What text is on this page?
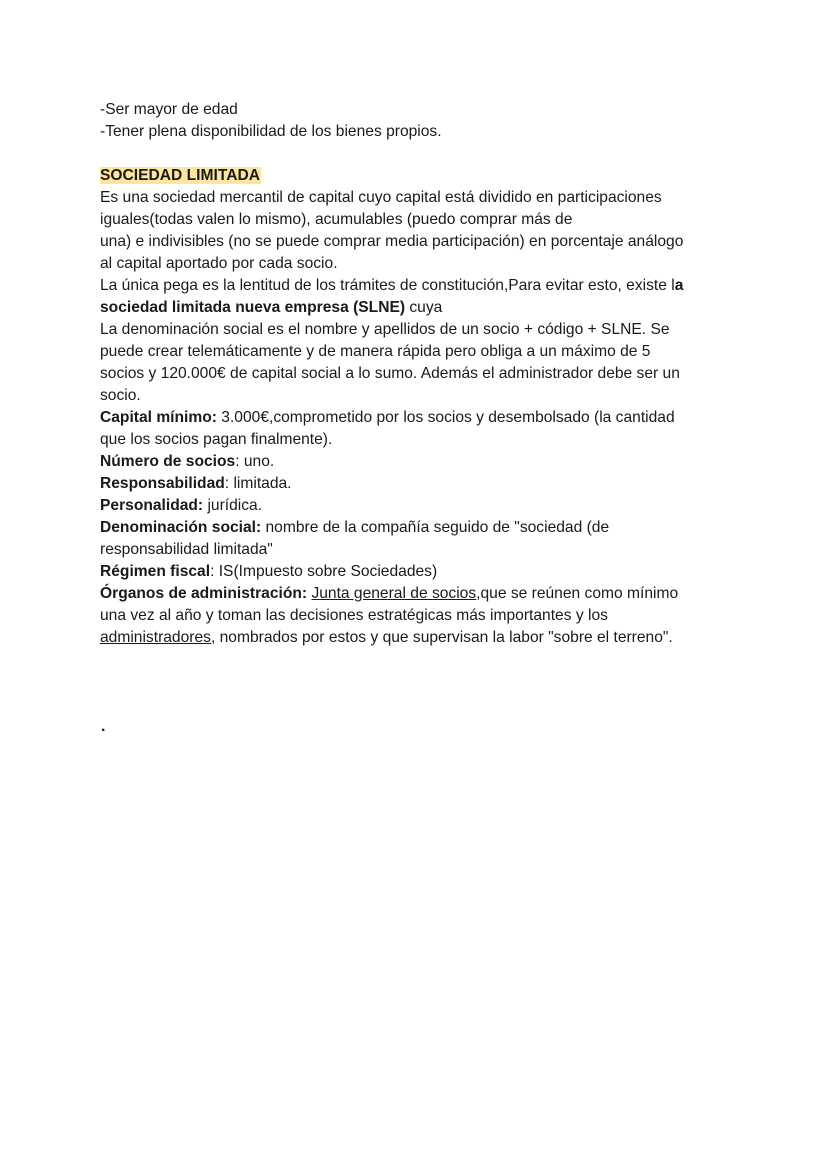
-Ser mayor de edad
-Tener plena disponibilidad de los bienes propios.
SOCIEDAD LIMITADA
Es una sociedad mercantil de capital cuyo capital está dividido en participaciones
iguales(todas valen lo mismo), acumulables (puedo comprar más de
una) e indivisibles (no se puede comprar media participación) en porcentaje análogo
al capital aportado por cada socio.
La única pega es la lentitud de los trámites de constitución,Para evitar esto, existe la
sociedad limitada nueva empresa (SLNE) cuya
La denominación social es el nombre y apellidos de un socio + código + SLNE. Se
puede crear telemáticamente y de manera rápida pero obliga a un máximo de 5
socios y 120.000€ de capital social a lo sumo. Además el administrador debe ser un
socio.
Capital mínimo: 3.000€,comprometido por los socios y desembolsado (la cantidad
que los socios pagan finalmente).
Número de socios: uno.
Responsabilidad: limitada.
Personalidad: jurídica.
Denominación social: nombre de la compañía seguido de "sociedad (de
responsabilidad limitada"
Régimen fiscal: IS(Impuesto sobre Sociedades)
Órganos de administración: Junta general de socios,que se reúnen como mínimo
una vez al año y toman las decisiones estratégicas más importantes y los
administradores, nombrados por estos y que supervisan la labor "sobre el terreno".
.
